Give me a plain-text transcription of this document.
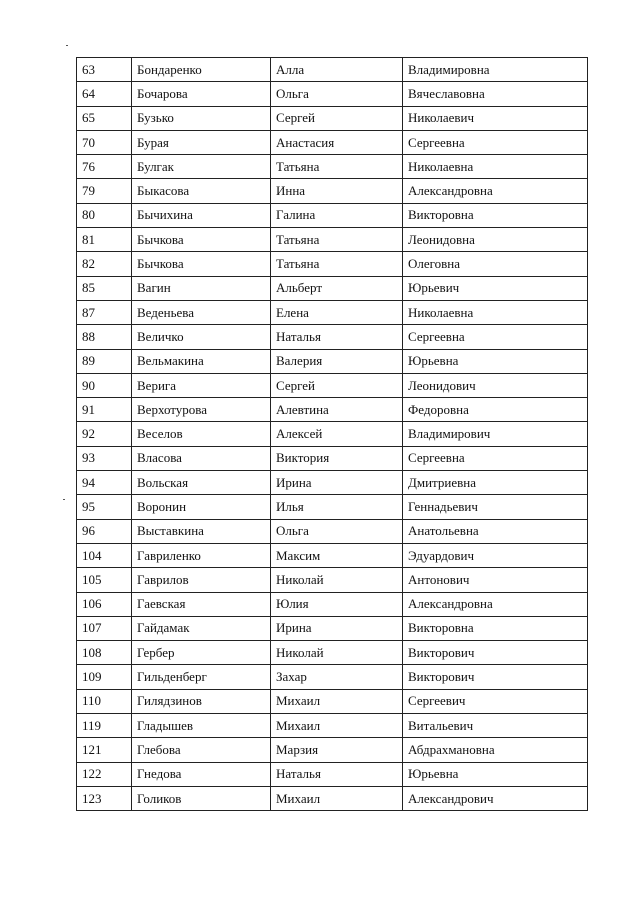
63	Бондаренко	Алла	Владимировна
64	Бочарова	Ольга	Вячеславовна
65	Бузько	Сергей	Николаевич
70	Бурая	Анастасия	Сергеевна
76	Булгак	Татьяна	Николаевна
79	Быкасова	Инна	Александровна
80	Бычихина	Галина	Викторовна
81	Бычкова	Татьяна	Леонидовна
82	Бычкова	Татьяна	Олеговна
85	Вагин	Альберт	Юрьевич
87	Веденьева	Елена	Николаевна
88	Величко	Наталья	Сергеевна
89	Вельмакина	Валерия	Юрьевна
90	Верига	Сергей	Леонидович
91	Верхотурова	Алевтина	Федоровна
92	Веселов	Алексей	Владимирович
93	Власова	Виктория	Сергеевна
94	Вольская	Ирина	Дмитриевна
95	Воронин	Илья	Геннадьевич
96	Выставкина	Ольга	Анатольевна
104	Гавриленко	Максим	Эдуардович
105	Гаврилов	Николай	Антонович
106	Гаевская	Юлия	Александровна
107	Гайдамак	Ирина	Викторовна
108	Гербер	Николай	Викторович
109	Гильденберг	Захар	Викторович
110	Гилядзинов	Михаил	Сергеевич
119	Гладышев	Михаил	Витальевич
121	Глебова	Марзия	Абдрахмановна
122	Гнедова	Наталья	Юрьевна
123	Голиков	Михаил	Александрович
